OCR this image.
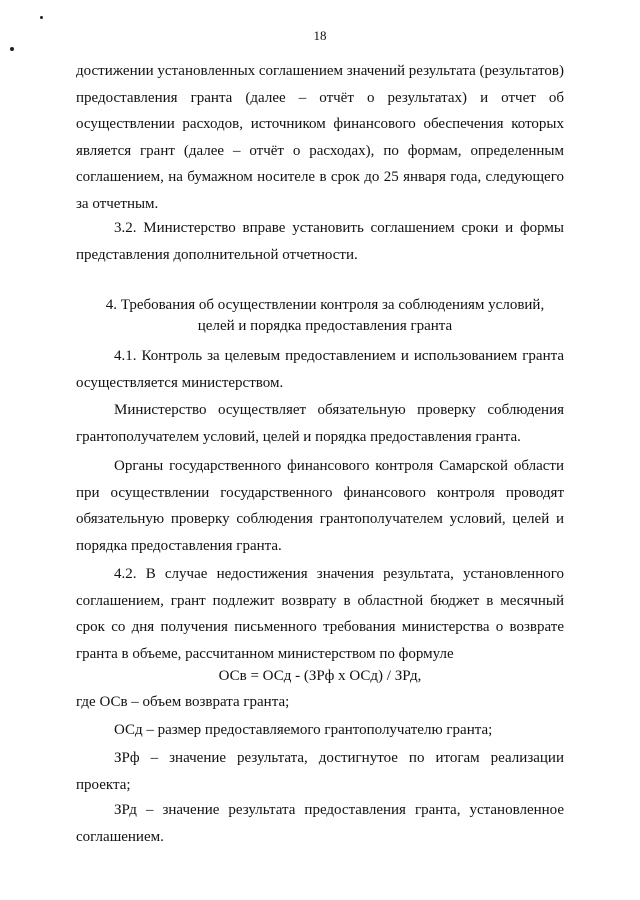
18
достижении установленных соглашением значений результата (результатов) предоставления гранта (далее – отчёт о результатах) и отчет об осуществлении расходов, источником финансового обеспечения которых является грант (далее – отчёт о расходах), по формам, определенным соглашением, на бумажном носителе в срок до 25 января года, следующего за отчетным.
3.2. Министерство вправе установить соглашением сроки и формы представления дополнительной отчетности.
4. Требования об осуществлении контроля за соблюдениям условий,
целей и порядка предоставления гранта
4.1. Контроль за целевым предоставлением и использованием гранта осуществляется министерством.
Министерство осуществляет обязательную проверку соблюдения грантополучателем условий, целей и порядка предоставления гранта.
Органы государственного финансового контроля Самарской области при осуществлении государственного финансового контроля проводят обязательную проверку соблюдения грантополучателем условий, целей и порядка предоставления гранта.
4.2. В случае недостижения значения результата, установленного соглашением, грант подлежит возврату в областной бюджет в месячный срок со дня получения письменного требования министерства о возврате гранта в объеме, рассчитанном министерством по формуле
ОСв = ОСд - (ЗРф х ОСд) / ЗРд,
где ОСв – объем возврата гранта;
ОСд – размер предоставляемого грантополучателю гранта;
ЗРф – значение результата, достигнутое по итогам реализации проекта;
ЗРд – значение результата предоставления гранта, установленное соглашением.
